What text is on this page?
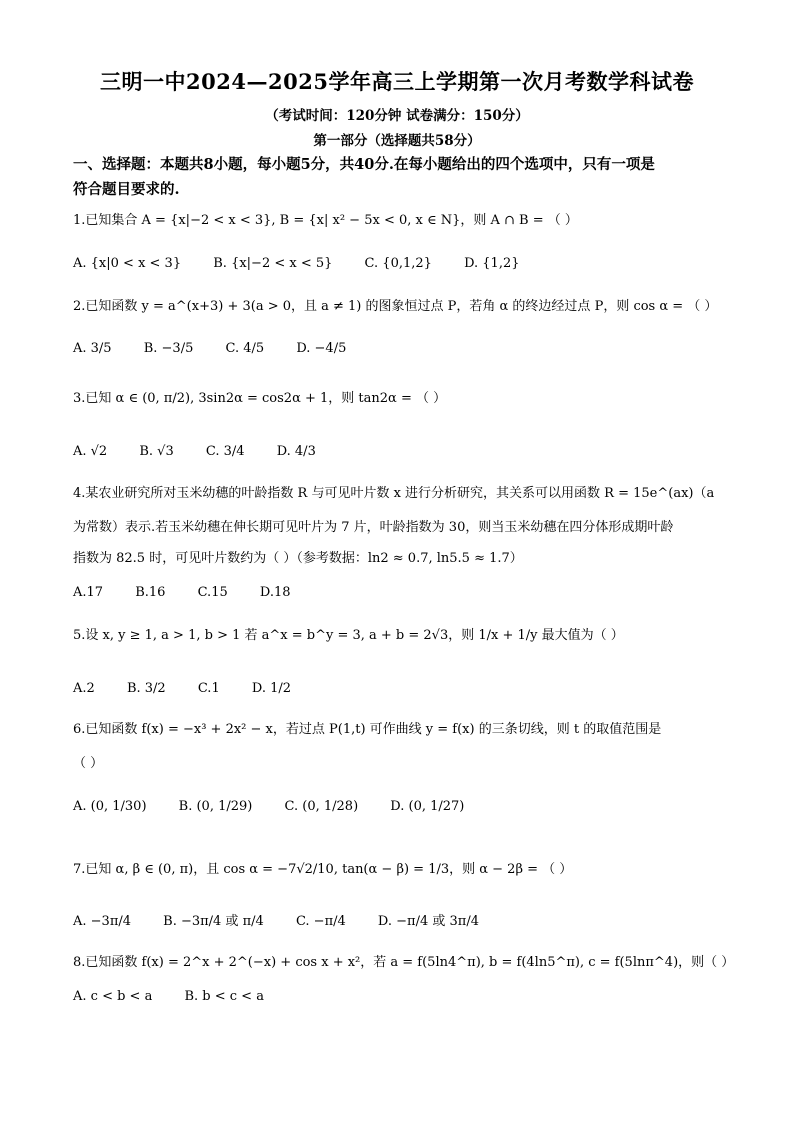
三明一中2024—2025学年高三上学期第一次月考数学科试卷
（考试时间：120分钟 试卷满分：150分）
第一部分（选择题共58分）
一、选择题：本题共8小题，每小题5分，共40分.在每小题给出的四个选项中，只有一项是
符合题目要求的.
1.已知集合 A = {x|−2 < x < 3}, B = {x| x² − 5x < 0, x ∈ N}，则 A ∩ B = （ ）
A. {x|0 < x < 3} B. {x|−2 < x < 5} C. {0,1,2} D. {1,2}
2.已知函数 y = a^(x+3) + 3(a > 0，且 a ≠ 1) 的图象恒过点 P，若角 α 的终边经过点 P，则 cos α = （ ）
A. 3/5 B. −3/5 C. 4/5 D. −4/5
3.已知 α ∈ (0, π/2), 3sin2α = cos2α + 1，则 tan2α = （ ）
A. √2 B. √3 C. 3/4 D. 4/3
4.某农业研究所对玉米幼穗的叶龄指数 R 与可见叶片数 x 进行分析研究，其关系可以用函数 R = 15e^(ax)（a
为常数）表示.若玉米幼穗在伸长期可见叶片为 7 片，叶龄指数为 30，则当玉米幼穗在四分体形成期叶龄
指数为 82.5 时，可见叶片数约为（ ）（参考数据：ln2 ≈ 0.7, ln5.5 ≈ 1.7）
A.17 B.16 C.15 D.18
5.设 x, y ≥ 1, a > 1, b > 1 若 a^x = b^y = 3, a + b = 2√3，则 1/x + 1/y 最大值为（ ）
A.2 B. 3/2 C.1 D. 1/2
6.已知函数 f(x) = −x³ + 2x² − x，若过点 P(1,t) 可作曲线 y = f(x) 的三条切线，则 t 的取值范围是
（ ）
A. (0, 1/30) B. (0, 1/29) C. (0, 1/28) D. (0, 1/27)
7.已知 α, β ∈ (0, π)，且 cos α = −7√2/10, tan(α − β) = 1/3，则 α − 2β = （ ）
A. −3π/4 B. −3π/4 或 π/4 C. −π/4 D. −π/4 或 3π/4
8.已知函数 f(x) = 2^x + 2^(−x) + cos x + x²，若 a = f(5ln4^π), b = f(4ln5^π), c = f(5lnπ^4)，则（ ）
A. c < b < a B. b < c < a
